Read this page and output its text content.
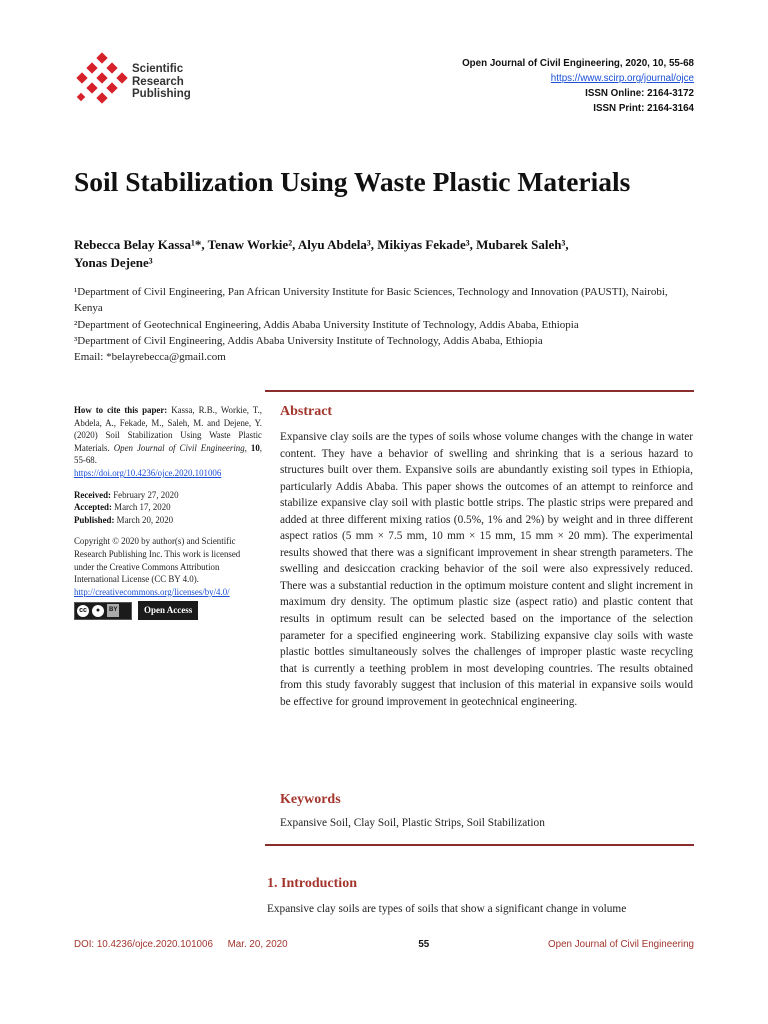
Scientific
Research
Publishing
Open Journal of Civil Engineering, 2020, 10, 55-68
https://www.scirp.org/journal/ojce
ISSN Online: 2164-3172
ISSN Print: 2164-3164
Soil Stabilization Using Waste Plastic Materials
Rebecca Belay Kassa¹*, Tenaw Workie², Alyu Abdela³, Mikiyas Fekade³, Mubarek Saleh³,
Yonas Dejene³
¹Department of Civil Engineering, Pan African University Institute for Basic Sciences, Technology and Innovation (PAUSTI), Nairobi, Kenya
²Department of Geotechnical Engineering, Addis Ababa University Institute of Technology, Addis Ababa, Ethiopia
³Department of Civil Engineering, Addis Ababa University Institute of Technology, Addis Ababa, Ethiopia
Email: *belayrebecca@gmail.com
How to cite this paper: Kassa, R.B., Workie, T., Abdela, A., Fekade, M., Saleh, M. and Dejene, Y. (2020) Soil Stabilization Using Waste Plastic Materials. Open Journal of Civil Engineering, 10, 55-68.
https://doi.org/10.4236/ojce.2020.101006
Received: February 27, 2020
Accepted: March 17, 2020
Published: March 20, 2020
Copyright © 2020 by author(s) and Scientific Research Publishing Inc. This work is licensed under the Creative Commons Attribution International License (CC BY 4.0).
http://creativecommons.org/licenses/by/4.0/
cc	●	BY	Open Access
Abstract
Expansive clay soils are the types of soils whose volume changes with the change in water content. They have a behavior of swelling and shrinking that is a serious hazard to structures built over them. Expansive soils are abundantly existing soil types in Ethiopia, particularly Addis Ababa. This paper shows the outcomes of an attempt to reinforce and stabilize expansive clay soil with plastic bottle strips. The plastic strips were prepared and added at three different mixing ratios (0.5%, 1% and 2%) by weight and in three different aspect ratios (5 mm × 7.5 mm, 10 mm × 15 mm, 15 mm × 20 mm). The experimental results showed that there was a significant improvement in shear strength parameters. The swelling and desiccation cracking behavior of the soil were also expressively reduced. There was a substantial reduction in the optimum moisture content and slight increment in maximum dry density. The optimum plastic size (aspect ratio) and plastic content that results in optimum result can be selected based on the importance of the selection parameter for a specified engineering work. Stabilizing expansive clay soils with waste plastic bottles simultaneously solves the challenges of improper plastic waste recycling that is currently a teething problem in most developing countries. The results obtained from this study favorably suggest that inclusion of this material in expansive soils would be effective for ground improvement in geotechnical engineering.
Keywords
Expansive Soil, Clay Soil, Plastic Strips, Soil Stabilization
1. Introduction
Expansive clay soils are types of soils that show a significant change in volume
DOI: 10.4236/ojce.2020.101006 Mar. 20, 2020	55	Open Journal of Civil Engineering
